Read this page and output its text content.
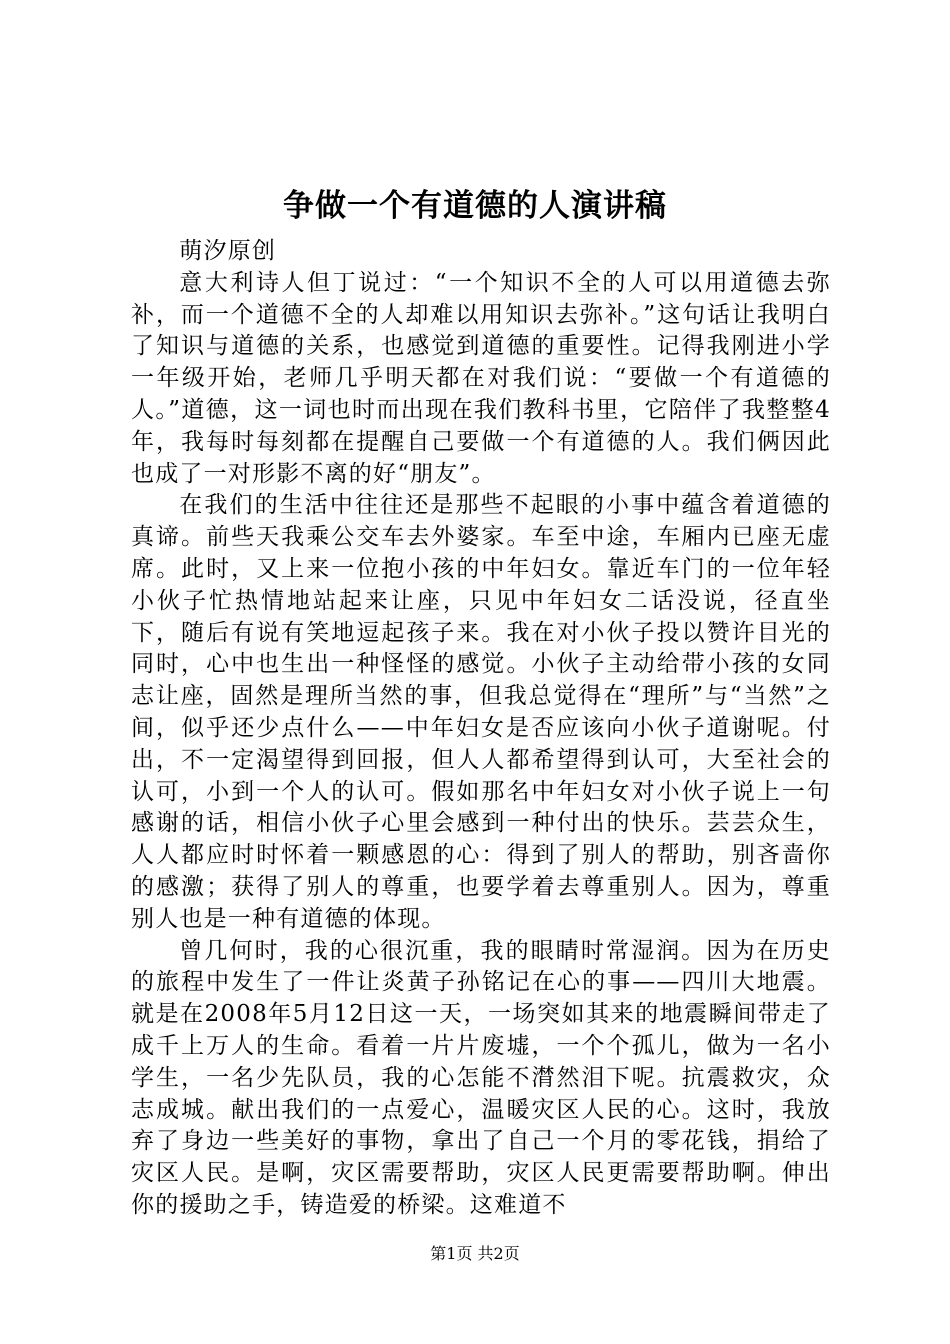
争做一个有道德的人演讲稿

萌汐原创

意大利诗人但丁说过：“一个知识不全的人可以用道德去弥补，而一个道德不全的人却难以用知识去弥补。”这句话让我明白了知识与道德的关系，也感觉到道德的重要性。记得我刚进小学一年级开始，老师几乎明天都在对我们说：“要做一个有道德的人。”道德，这一词也时而出现在我们教科书里，它陪伴了我整整4年，我每时每刻都在提醒自己要做一个有道德的人。我们俩因此也成了一对形影不离的好“朋友”。

在我们的生活中往往还是那些不起眼的小事中蕴含着道德的真谛。前些天我乘公交车去外婆家。车至中途，车厢内已座无虚席。此时，又上来一位抱小孩的中年妇女。靠近车门的一位年轻小伙子忙热情地站起来让座，只见中年妇女二话没说，径直坐下，随后有说有笑地逗起孩子来。我在对小伙子投以赞许目光的同时，心中也生出一种怪怪的感觉。小伙子主动给带小孩的女同志让座，固然是理所当然的事，但我总觉得在“理所”与“当然”之间，似乎还少点什么——中年妇女是否应该向小伙子道谢呢。付出，不一定渴望得到回报，但人人都希望得到认可，大至社会的认可，小到一个人的认可。假如那名中年妇女对小伙子说上一句感谢的话，相信小伙子心里会感到一种付出的快乐。芸芸众生，人人都应时时怀着一颗感恩的心：得到了别人的帮助，别吝啬你的感激；获得了别人的尊重，也要学着去尊重别人。因为，尊重别人也是一种有道德的体现。

曾几何时，我的心很沉重，我的眼睛时常湿润。因为在历史的旅程中发生了一件让炎黄子孙铭记在心的事——四川大地震。就是在2008年5月12日这一天，一场突如其来的地震瞬间带走了成千上万人的生命。看着一片片废墟，一个个孤儿，做为一名小学生，一名少先队员，我的心怎能不潸然泪下呢。抗震救灾，众志成城。献出我们的一点爱心，温暖灾区人民的心。这时，我放弃了身边一些美好的事物，拿出了自己一个月的零花钱，捐给了灾区人民。是啊，灾区需要帮助，灾区人民更需要帮助啊。伸出你的援助之手，铸造爱的桥梁。这难道不

第1页 共2页
